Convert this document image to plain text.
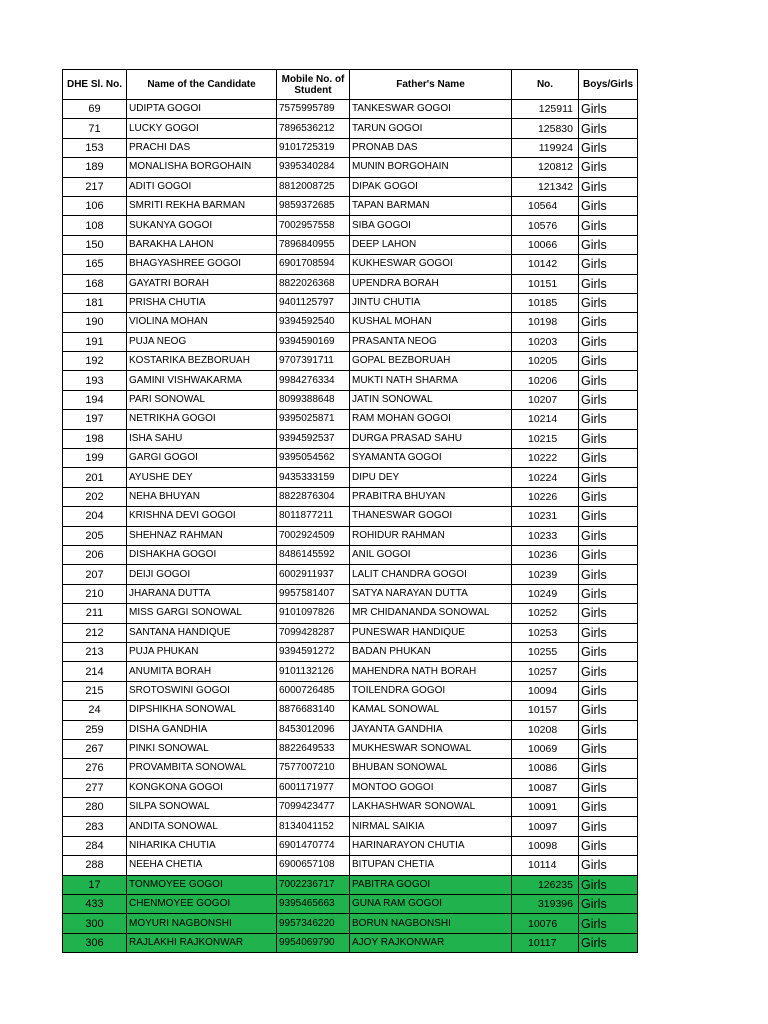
DHE Sl. No.	Name of the Candidate	Mobile No. of Student	Father's Name	No.	Boys/Girls
69	UDIPTA GOGOI	7575995789	TANKESWAR GOGOI	125911	Girls
71	LUCKY GOGOI	7896536212	TARUN GOGOI	125830	Girls
153	PRACHI DAS	9101725319	PRONAB DAS	119924	Girls
189	MONALISHA BORGOHAIN	9395340284	MUNIN BORGOHAIN	120812	Girls
217	ADITI GOGOI	8812008725	DIPAK GOGOI	121342	Girls
106	SMRITI REKHA BARMAN	9859372685	TAPAN BARMAN	10564	Girls
108	SUKANYA GOGOI	7002957558	SIBA GOGOI	10576	Girls
150	BARAKHA LAHON	7896840955	DEEP LAHON	10066	Girls
165	BHAGYASHREE GOGOI	6901708594	KUKHESWAR GOGOI	10142	Girls
168	GAYATRI BORAH	8822026368	UPENDRA BORAH	10151	Girls
181	PRISHA CHUTIA	9401125797	JINTU CHUTIA	10185	Girls
190	VIOLINA MOHAN	9394592540	KUSHAL MOHAN	10198	Girls
191	PUJA NEOG	9394590169	PRASANTA NEOG	10203	Girls
192	KOSTARIKA BEZBORUAH	9707391711	GOPAL BEZBORUAH	10205	Girls
193	GAMINI VISHWAKARMA	9984276334	MUKTI NATH SHARMA	10206	Girls
194	PARI SONOWAL	8099388648	JATIN SONOWAL	10207	Girls
197	NETRIKHA GOGOI	9395025871	RAM MOHAN GOGOI	10214	Girls
198	ISHA SAHU	9394592537	DURGA PRASAD SAHU	10215	Girls
199	GARGI GOGOI	9395054562	SYAMANTA GOGOI	10222	Girls
201	AYUSHE DEY	9435333159	DIPU DEY	10224	Girls
202	NEHA BHUYAN	8822876304	PRABITRA BHUYAN	10226	Girls
204	KRISHNA DEVI GOGOI	8011877211	THANESWAR GOGOI	10231	Girls
205	SHEHNAZ RAHMAN	7002924509	ROHIDUR RAHMAN	10233	Girls
206	DISHAKHA GOGOI	8486145592	ANIL GOGOI	10236	Girls
207	DEIJI GOGOI	6002911937	LALIT CHANDRA GOGOI	10239	Girls
210	JHARANA DUTTA	9957581407	SATYA NARAYAN DUTTA	10249	Girls
211	MISS GARGI SONOWAL	9101097826	MR CHIDANANDA SONOWAL	10252	Girls
212	SANTANA HANDIQUE	7099428287	PUNESWAR HANDIQUE	10253	Girls
213	PUJA PHUKAN	9394591272	BADAN PHUKAN	10255	Girls
214	ANUMITA BORAH	9101132126	MAHENDRA NATH BORAH	10257	Girls
215	SROTOSWINI GOGOI	6000726485	TOILENDRA GOGOI	10094	Girls
24	DIPSHIKHA SONOWAL	8876683140	KAMAL SONOWAL	10157	Girls
259	DISHA GANDHIA	8453012096	JAYANTA GANDHIA	10208	Girls
267	PINKI SONOWAL	8822649533	MUKHESWAR SONOWAL	10069	Girls
276	PROVAMBITA SONOWAL	7577007210	BHUBAN SONOWAL	10086	Girls
277	KONGKONA GOGOI	6001171977	MONTOO GOGOI	10087	Girls
280	SILPA SONOWAL	7099423477	LAKHASHWAR SONOWAL	10091	Girls
283	ANDITA SONOWAL	8134041152	NIRMAL SAIKIA	10097	Girls
284	NIHARIKA CHUTIA	6901470774	HARINARAYON CHUTIA	10098	Girls
288	NEEHA CHETIA	6900657108	BITUPAN CHETIA	10114	Girls
17	TONMOYEE GOGOI	7002236717	PABITRA GOGOI	126235	Girls
433	CHENMOYEE GOGOI	9395465663	GUNA RAM GOGOI	319396	Girls
300	MOYURI NAGBONSHI	9957346220	BORUN NAGBONSHI	10076	Girls
306	RAJLAKHI RAJKONWAR	9954069790	AJOY RAJKONWAR	10117	Girls
